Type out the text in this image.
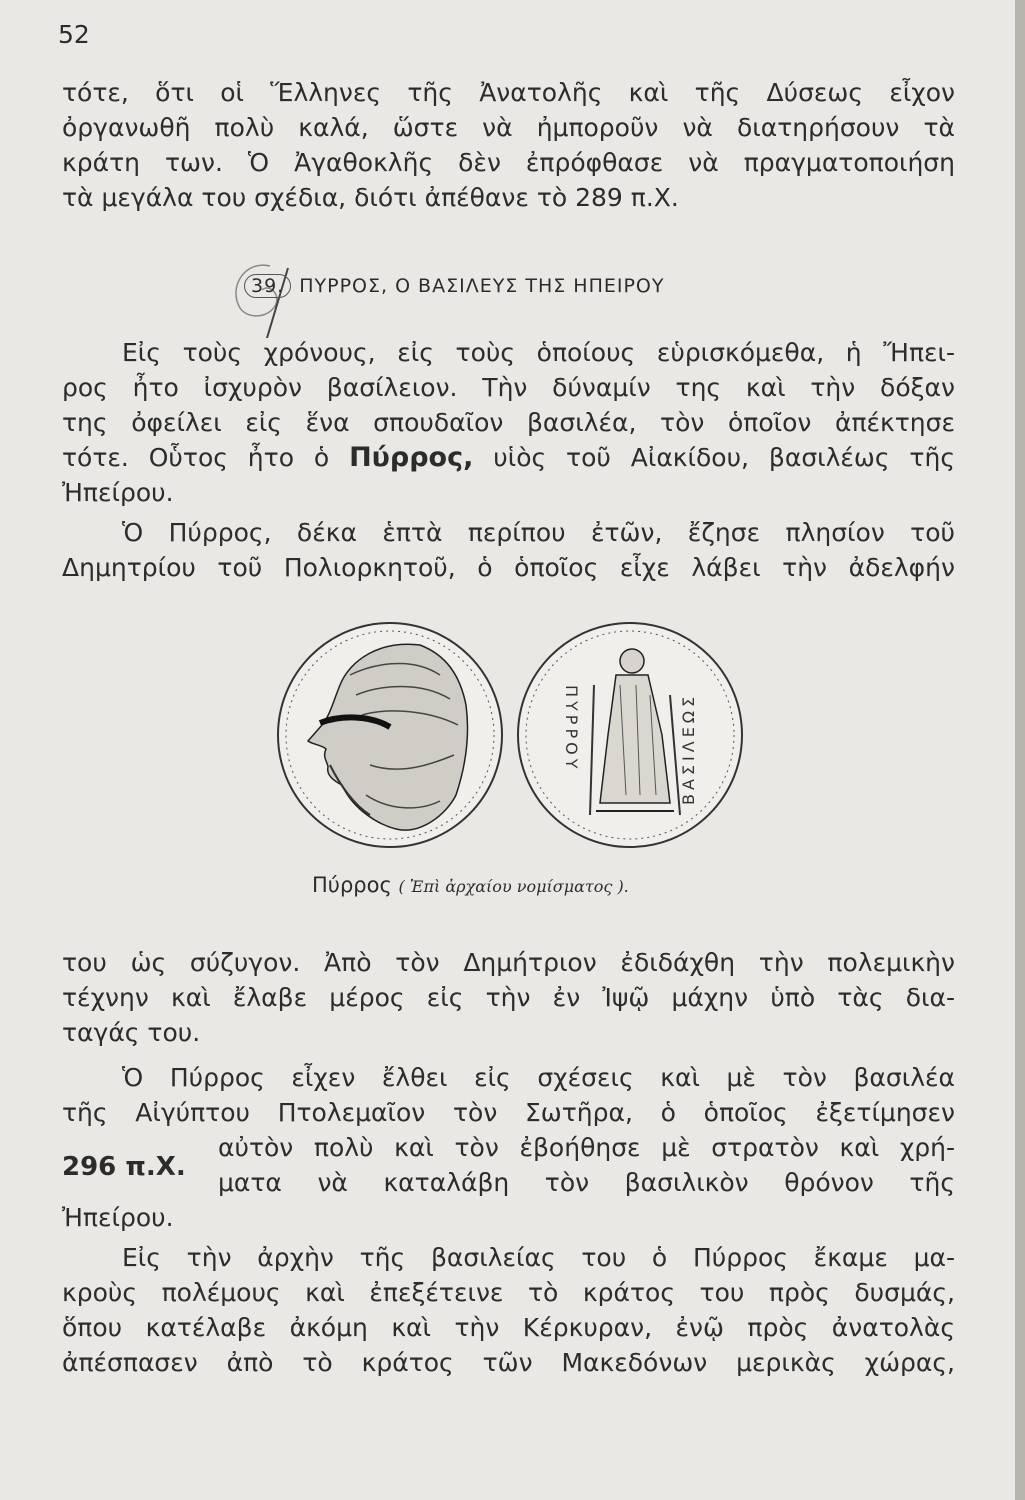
52
τότε, ὅτι οἱ Ἕλληνες τῆς Ἀνατολῆς καὶ τῆς Δύσεως εἶχον
ὀργανωθῆ πολὺ καλά, ὥστε νὰ ἠμποροῦν νὰ διατηρήσουν τὰ
κράτη των. Ὁ Ἀγαθοκλῆς δὲν ἐπρόφθασε νὰ πραγματοποιήση
τὰ μεγάλα του σχέδια, διότι ἀπέθανε τὸ 289 π.Χ.
39. ΠΥΡΡΟΣ, Ο ΒΑΣΙΛΕΥΣ ΤΗΣ ΗΠΕΙΡΟΥ
Εἰς τοὺς χρόνους, εἰς τοὺς ὁποίους εὑρισκόμεθα, ἡ Ἤπει-
ρος ἦτο ἰσχυρὸν βασίλειον. Τὴν δύναμίν της καὶ τὴν δόξαν
της ὀφείλει εἰς ἕνα σπουδαῖον βασιλέα, τὸν ὁποῖον ἀπέκτησε
τότε. Οὗτος ἦτο ὁ Πύρρος, υἱὸς τοῦ Αἰακίδου, βασιλέως τῆς
Ἠπείρου.
Ὁ Πύρρος, δέκα ἑπτὰ περίπου ἐτῶν, ἔζησε πλησίον τοῦ
Δημητρίου τοῦ Πολιορκητοῦ, ὁ ὁποῖος εἶχε λάβει τὴν ἀδελφήν
ΠΥΡΡΟΥ	ΒΑΣΙΛΕΩΣ
Πύρρος ( Ἐπὶ ἀρχαίου νομίσματος ).
του ὡς σύζυγον. Ἀπὸ τὸν Δημήτριον ἐδιδάχθη τὴν πολεμικὴν
τέχνην καὶ ἔλαβε μέρος εἰς τὴν ἐν Ἰψῷ μάχην ὑπὸ τὰς δια-
ταγάς του.
Ὁ Πύρρος εἶχεν ἔλθει εἰς σχέσεις καὶ μὲ τὸν βασιλέα
τῆς Αἰγύπτου Πτολεμαῖον τὸν Σωτῆρα, ὁ ὁποῖος ἐξετίμησεν
296 π.Χ.
αὐτὸν πολὺ καὶ τὸν ἐβοήθησε μὲ στρατὸν καὶ χρή-
ματα νὰ καταλάβη τὸν βασιλικὸν θρόνον τῆς
Ἠπείρου.
Εἰς τὴν ἀρχὴν τῆς βασιλείας του ὁ Πύρρος ἔκαμε μα-
κροὺς πολέμους καὶ ἐπεξέτεινε τὸ κράτος του πρὸς δυσμάς,
ὅπου κατέλαβε ἀκόμη καὶ τὴν Κέρκυραν, ἐνῷ πρὸς ἀνατολὰς
ἀπέσπασεν ἀπὸ τὸ κράτος τῶν Μακεδόνων μερικὰς χώρας,
